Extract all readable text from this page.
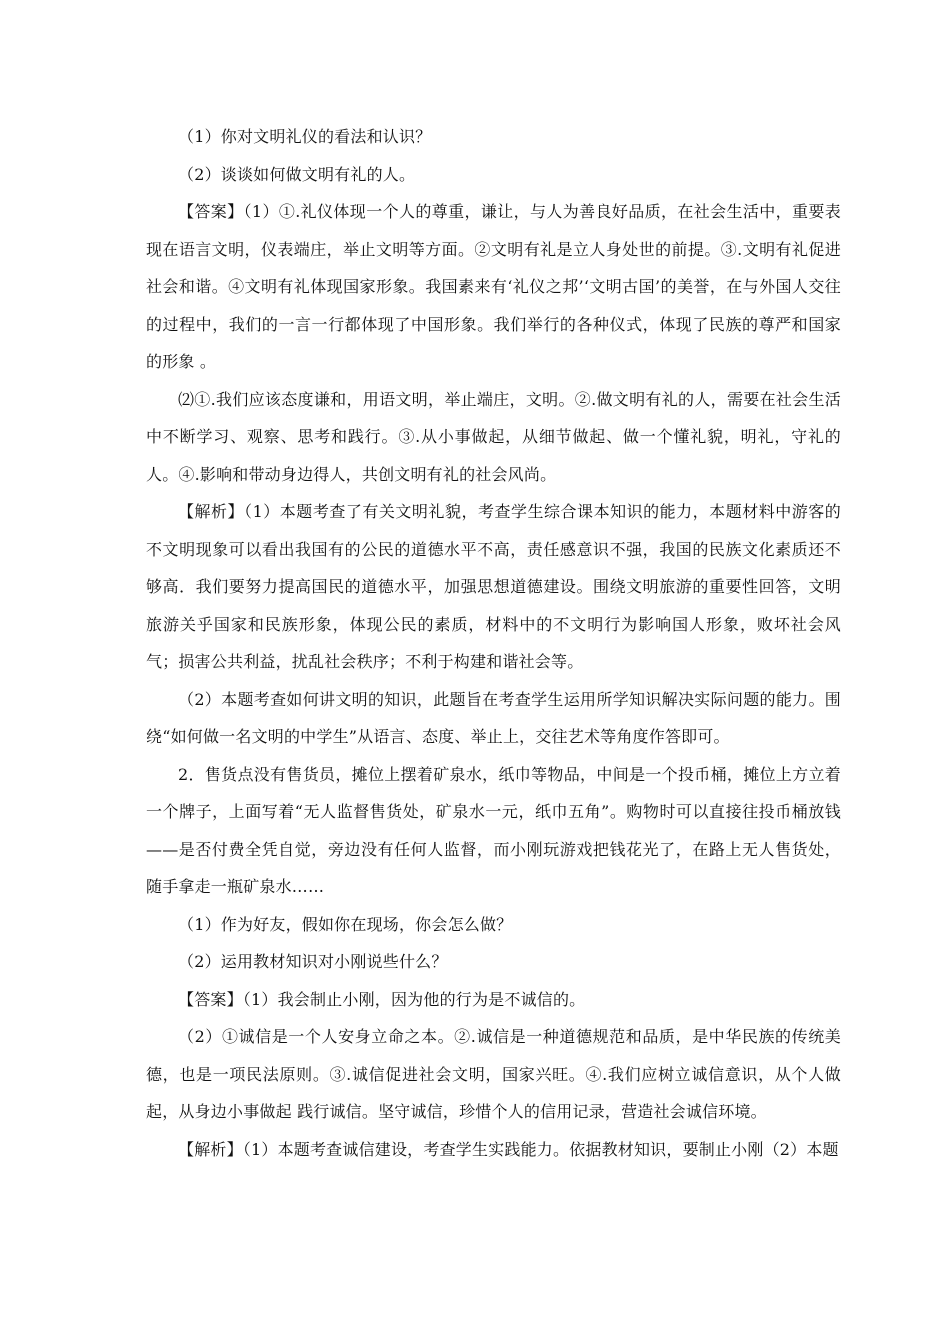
（1）你对文明礼仪的看法和认识？

（2）谈谈如何做文明有礼的人。

【答案】（1）①.礼仪体现一个人的尊重，谦让，与人为善良好品质，在社会生活中，重要表现在语言文明，仪表端庄，举止文明等方面。②文明有礼是立人身处世的前提。③.文明有礼促进社会和谐。④文明有礼体现国家形象。我国素来有‘礼仪之邦’‘文明古国’的美誉，在与外国人交往的过程中，我们的一言一行都体现了中国形象。我们举行的各种仪式，体现了民族的尊严和国家的形象 。

⑵①.我们应该态度谦和，用语文明，举止端庄，文明。②.做文明有礼的人，需要在社会生活中不断学习、观察、思考和践行。③.从小事做起，从细节做起、做一个懂礼貌，明礼，守礼的人。④.影响和带动身边得人，共创文明有礼的社会风尚。

【解析】（1）本题考查了有关文明礼貌，考查学生综合课本知识的能力，本题材料中游客的不文明现象可以看出我国有的公民的道德水平不高，责任感意识不强，我国的民族文化素质还不够高．我们要努力提高国民的道德水平，加强思想道德建设。围绕文明旅游的重要性回答，文明旅游关乎国家和民族形象，体现公民的素质，材料中的不文明行为影响国人形象，败坏社会风气；损害公共利益，扰乱社会秩序；不利于构建和谐社会等。

（2）本题考查如何讲文明的知识，此题旨在考查学生运用所学知识解决实际问题的能力。围绕“如何做一名文明的中学生”从语言、态度、举止上，交往艺术等角度作答即可。

2．售货点没有售货员，摊位上摆着矿泉水，纸巾等物品，中间是一个投币桶，摊位上方立着一个牌子，上面写着“无人监督售货处，矿泉水一元，纸巾五角”。购物时可以直接往投币桶放钱——是否付费全凭自觉，旁边没有任何人监督，而小刚玩游戏把钱花光了，在路上无人售货处，随手拿走一瓶矿泉水……

（1）作为好友，假如你在现场，你会怎么做？

（2）运用教材知识对小刚说些什么？

【答案】（1）我会制止小刚，因为他的行为是不诚信的。

（2）①诚信是一个人安身立命之本。②.诚信是一种道德规范和品质，是中华民族的传统美德，也是一项民法原则。③.诚信促进社会文明，国家兴旺。④.我们应树立诚信意识，从个人做起，从身边小事做起 践行诚信。坚守诚信，珍惜个人的信用记录，营造社会诚信环境。

【解析】（1）本题考查诚信建设，考查学生实践能力。依据教材知识，要制止小刚（2）本题
